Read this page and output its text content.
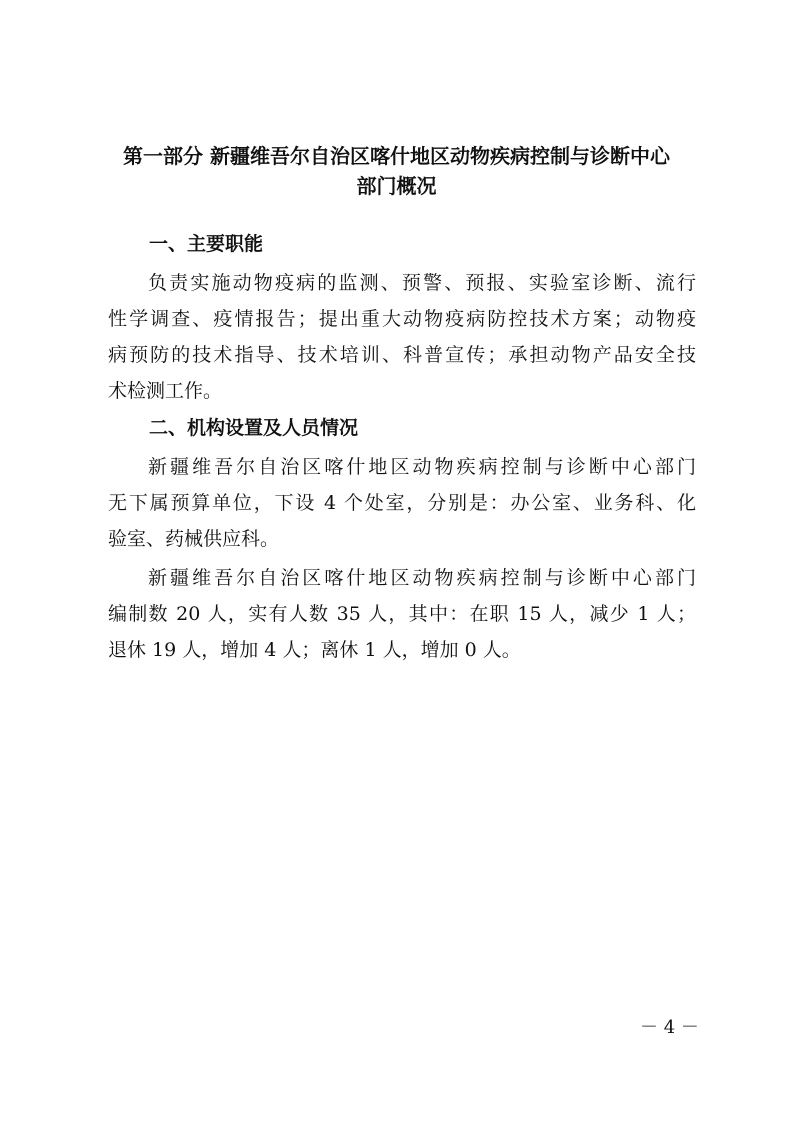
第一部分 新疆维吾尔自治区喀什地区动物疾病控制与诊断中心
部门概况
一、主要职能
负责实施动物疫病的监测、预警、预报、实验室诊断、流行
性学调查、疫情报告；提出重大动物疫病防控技术方案；动物疫
病预防的技术指导、技术培训、科普宣传；承担动物产品安全技
术检测工作。
二、机构设置及人员情况
新疆维吾尔自治区喀什地区动物疾病控制与诊断中心部门
无下属预算单位，下设 4 个处室，分别是：办公室、业务科、化
验室、药械供应科。
新疆维吾尔自治区喀什地区动物疾病控制与诊断中心部门
编制数 20 人，实有人数 35 人，其中：在职 15 人，减少 1 人；
退休 19 人，增加 4 人；离休 1 人，增加 0 人。
－ 4 －
